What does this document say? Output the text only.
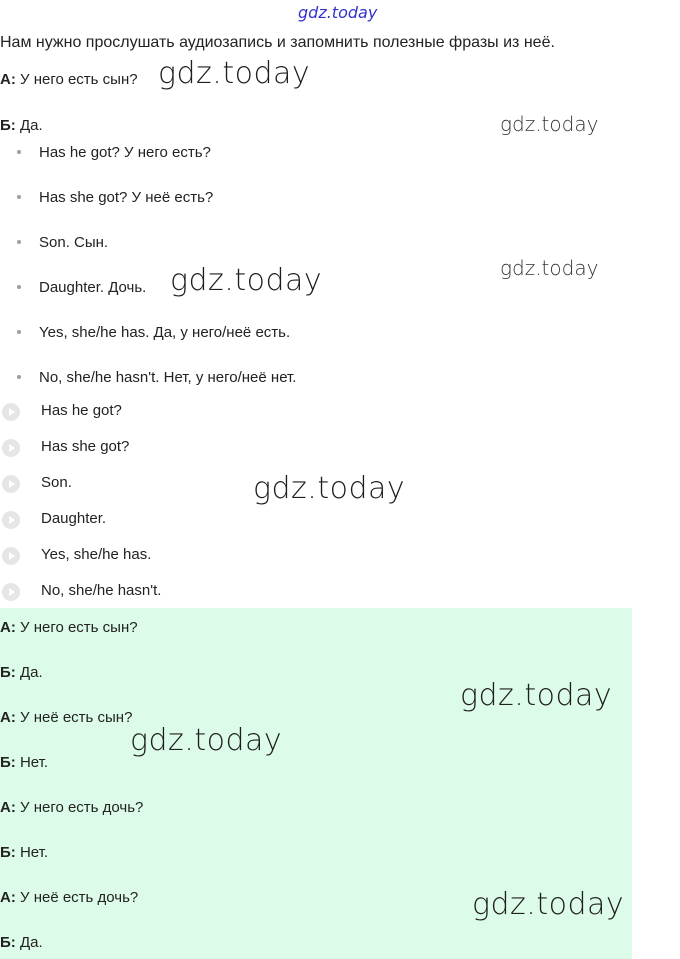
Нам нужно прослушать аудиозапись и запомнить полезные фразы из неё.
А: У него есть сын?
Б: Да.
Has he got? У него есть?
Has she got? У неё есть?
Son. Сын.
Daughter. Дочь.
Yes, she/he has. Да, у него/неё есть.
No, she/he hasn't. Нет, у него/неё нет.
Has he got?
Has she got?
Son.
Daughter.
Yes, she/he has.
No, she/he hasn't.
А: У него есть сын?
Б: Да.
А: У неё есть сын?
Б: Нет.
А: У него есть дочь?
Б: Нет.
А: У неё есть дочь?
Б: Да.
gdz.today
gdz.today
gdz.today
gdz.today
gdz.today
gdz.today
gdz.today
gdz.today
gdz.today
